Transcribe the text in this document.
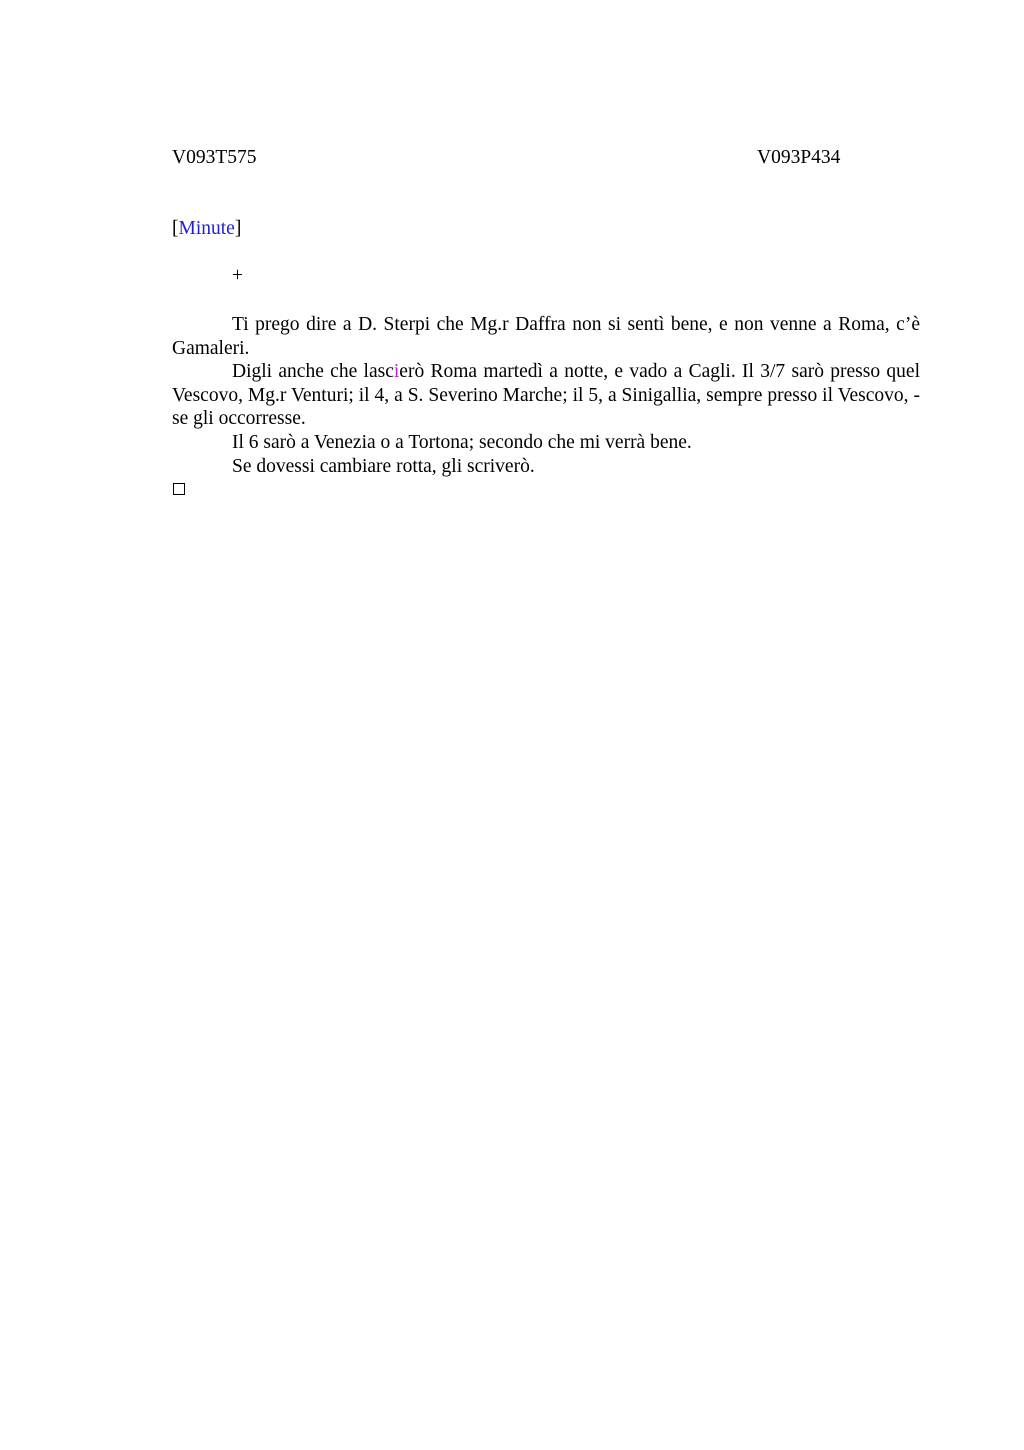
V093T575	V093P434
[Minute]
+

Ti prego dire a D. Sterpi che Mg.r Daffra non si sentì bene, e non venne a Roma, c’è Gamaleri.

Digli anche che lascierò Roma martedì a notte, e vado a Cagli. Il 3/7 sarò presso quel Vescovo, Mg.r Venturi; il 4, a S. Severino Marche; il 5, a Sinigallia, sempre presso il Vescovo, - se gli occorresse.

Il 6 sarò a Venezia o a Tortona; secondo che mi verrà bene.

Se dovessi cambiare rotta, gli scriverò.
